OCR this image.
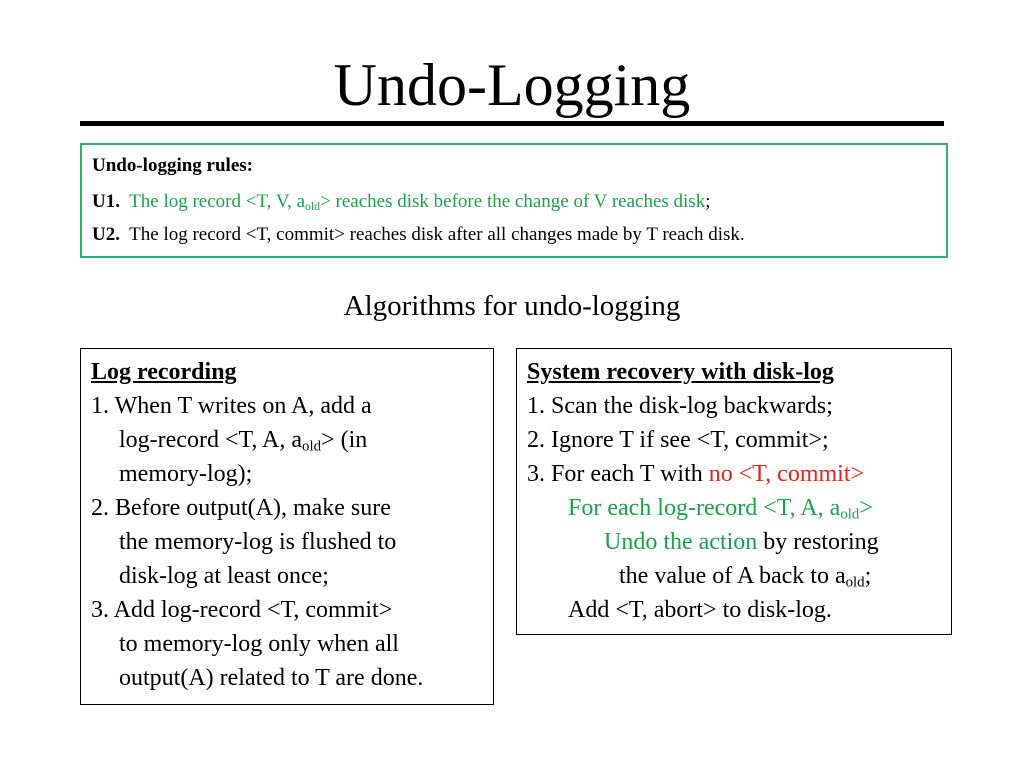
Undo-Logging
Undo-logging rules:
U1. The log record <T, V, $a_{old}>$ reaches disk before the change of V reaches disk;
U2. The log record <T, commit> reaches disk after all changes made by T reach disk.
Algorithms for undo-logging
Log recording
1. When T writes on A, add a
log-record <T, A, $a_{old}> (in$
memory-log);
2. Before output(A), make sure
the memory-log is flushed to
disk-log at least once;
3. Add log-record <T, commit>
to memory-log only when all
output(A) related to T are done.
System recovery with disk-log
1. Scan the disk-log backwards;
2. Ignore T if see <T, commit>;
3. For each T with no <T, commit>
For each log-record <T, A, $a_{old}>$
Undo the action by restoring
the value of A back to $a_{old}$;
Add <T, abort> to disk-log.
